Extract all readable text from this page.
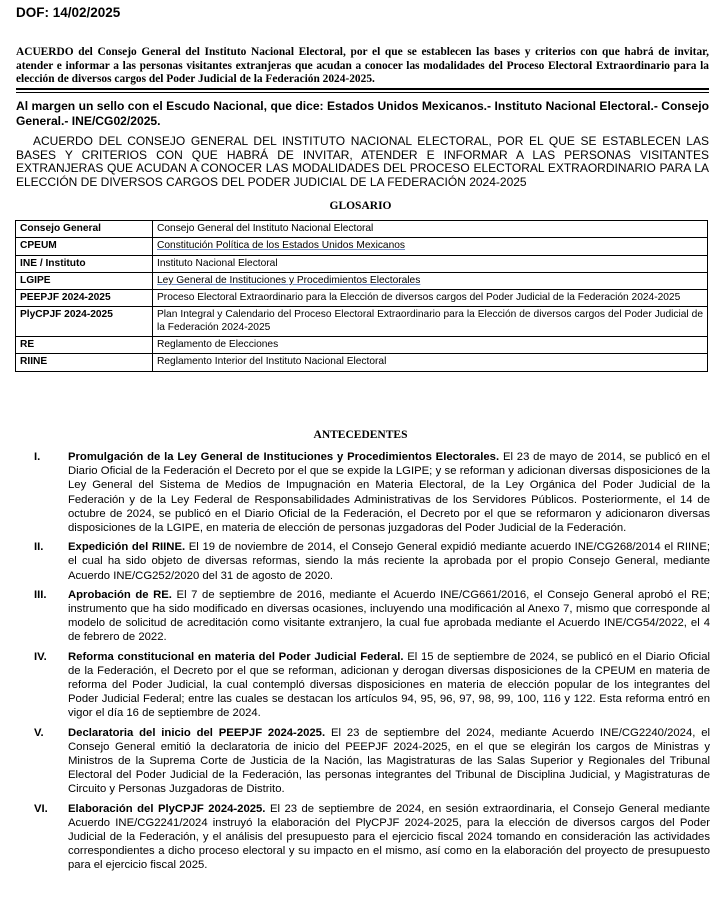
DOF: 14/02/2025
ACUERDO del Consejo General del Instituto Nacional Electoral, por el que se establecen las bases y criterios con que habrá de invitar, atender e informar a las personas visitantes extranjeras que acudan a conocer las modalidades del Proceso Electoral Extraordinario para la elección de diversos cargos del Poder Judicial de la Federación 2024-2025.
Al margen un sello con el Escudo Nacional, que dice: Estados Unidos Mexicanos.- Instituto Nacional Electoral.- Consejo General.- INE/CG02/2025.
ACUERDO DEL CONSEJO GENERAL DEL INSTITUTO NACIONAL ELECTORAL, POR EL QUE SE ESTABLECEN LAS BASES Y CRITERIOS CON QUE HABRÁ DE INVITAR, ATENDER E INFORMAR A LAS PERSONAS VISITANTES EXTRANJERAS QUE ACUDAN A CONOCER LAS MODALIDADES DEL PROCESO ELECTORAL EXTRAORDINARIO PARA LA ELECCIÓN DE DIVERSOS CARGOS DEL PODER JUDICIAL DE LA FEDERACIÓN 2024-2025
GLOSARIO
Consejo General	Consejo General del Instituto Nacional Electoral
CPEUM	Constitución Política de los Estados Unidos Mexicanos
INE / Instituto	Instituto Nacional Electoral
LGIPE	Ley General de Instituciones y Procedimientos Electorales
PEEPJF 2024-2025	Proceso Electoral Extraordinario para la Elección de diversos cargos del Poder Judicial de la Federación 2024-2025
PlyCPJF 2024-2025	Plan Integral y Calendario del Proceso Electoral Extraordinario para la Elección de diversos cargos del Poder Judicial de la Federación 2024-2025
RE	Reglamento de Elecciones
RIINE	Reglamento Interior del Instituto Nacional Electoral
ANTECEDENTES
I. Promulgación de la Ley General de Instituciones y Procedimientos Electorales. El 23 de mayo de 2014, se publicó en el Diario Oficial de la Federación el Decreto por el que se expide la LGIPE; y se reforman y adicionan diversas disposiciones de la Ley General del Sistema de Medios de Impugnación en Materia Electoral, de la Ley Orgánica del Poder Judicial de la Federación y de la Ley Federal de Responsabilidades Administrativas de los Servidores Públicos. Posteriormente, el 14 de octubre de 2024, se publicó en el Diario Oficial de la Federación, el Decreto por el que se reformaron y adicionaron diversas disposiciones de la LGIPE, en materia de elección de personas juzgadoras del Poder Judicial de la Federación.
II. Expedición del RIINE. El 19 de noviembre de 2014, el Consejo General expidió mediante acuerdo INE/CG268/2014 el RIINE; el cual ha sido objeto de diversas reformas, siendo la más reciente la aprobada por el propio Consejo General, mediante Acuerdo INE/CG252/2020 del 31 de agosto de 2020.
III. Aprobación de RE. El 7 de septiembre de 2016, mediante el Acuerdo INE/CG661/2016, el Consejo General aprobó el RE; instrumento que ha sido modificado en diversas ocasiones, incluyendo una modificación al Anexo 7, mismo que corresponde al modelo de solicitud de acreditación como visitante extranjero, la cual fue aprobada mediante el Acuerdo INE/CG54/2022, el 4 de febrero de 2022.
IV. Reforma constitucional en materia del Poder Judicial Federal. El 15 de septiembre de 2024, se publicó en el Diario Oficial de la Federación, el Decreto por el que se reforman, adicionan y derogan diversas disposiciones de la CPEUM en materia de reforma del Poder Judicial, la cual contempló diversas disposiciones en materia de elección popular de los integrantes del Poder Judicial Federal; entre las cuales se destacan los artículos 94, 95, 96, 97, 98, 99, 100, 116 y 122. Esta reforma entró en vigor el día 16 de septiembre de 2024.
V. Declaratoria del inicio del PEEPJF 2024-2025. El 23 de septiembre del 2024, mediante Acuerdo INE/CG2240/2024, el Consejo General emitió la declaratoria de inicio del PEEPJF 2024-2025, en el que se elegirán los cargos de Ministras y Ministros de la Suprema Corte de Justicia de la Nación, las Magistraturas de las Salas Superior y Regionales del Tribunal Electoral del Poder Judicial de la Federación, las personas integrantes del Tribunal de Disciplina Judicial, y Magistraturas de Circuito y Personas Juzgadoras de Distrito.
VI. Elaboración del PlyCPJF 2024-2025. El 23 de septiembre de 2024, en sesión extraordinaria, el Consejo General mediante Acuerdo INE/CG2241/2024 instruyó la elaboración del PlyCPJF 2024-2025, para la elección de diversos cargos del Poder Judicial de la Federación, y el análisis del presupuesto para el ejercicio fiscal 2024 tomando en consideración las actividades correspondientes a dicho proceso electoral y su impacto en el mismo, así como en la elaboración del proyecto de presupuesto para el ejercicio fiscal 2025.
